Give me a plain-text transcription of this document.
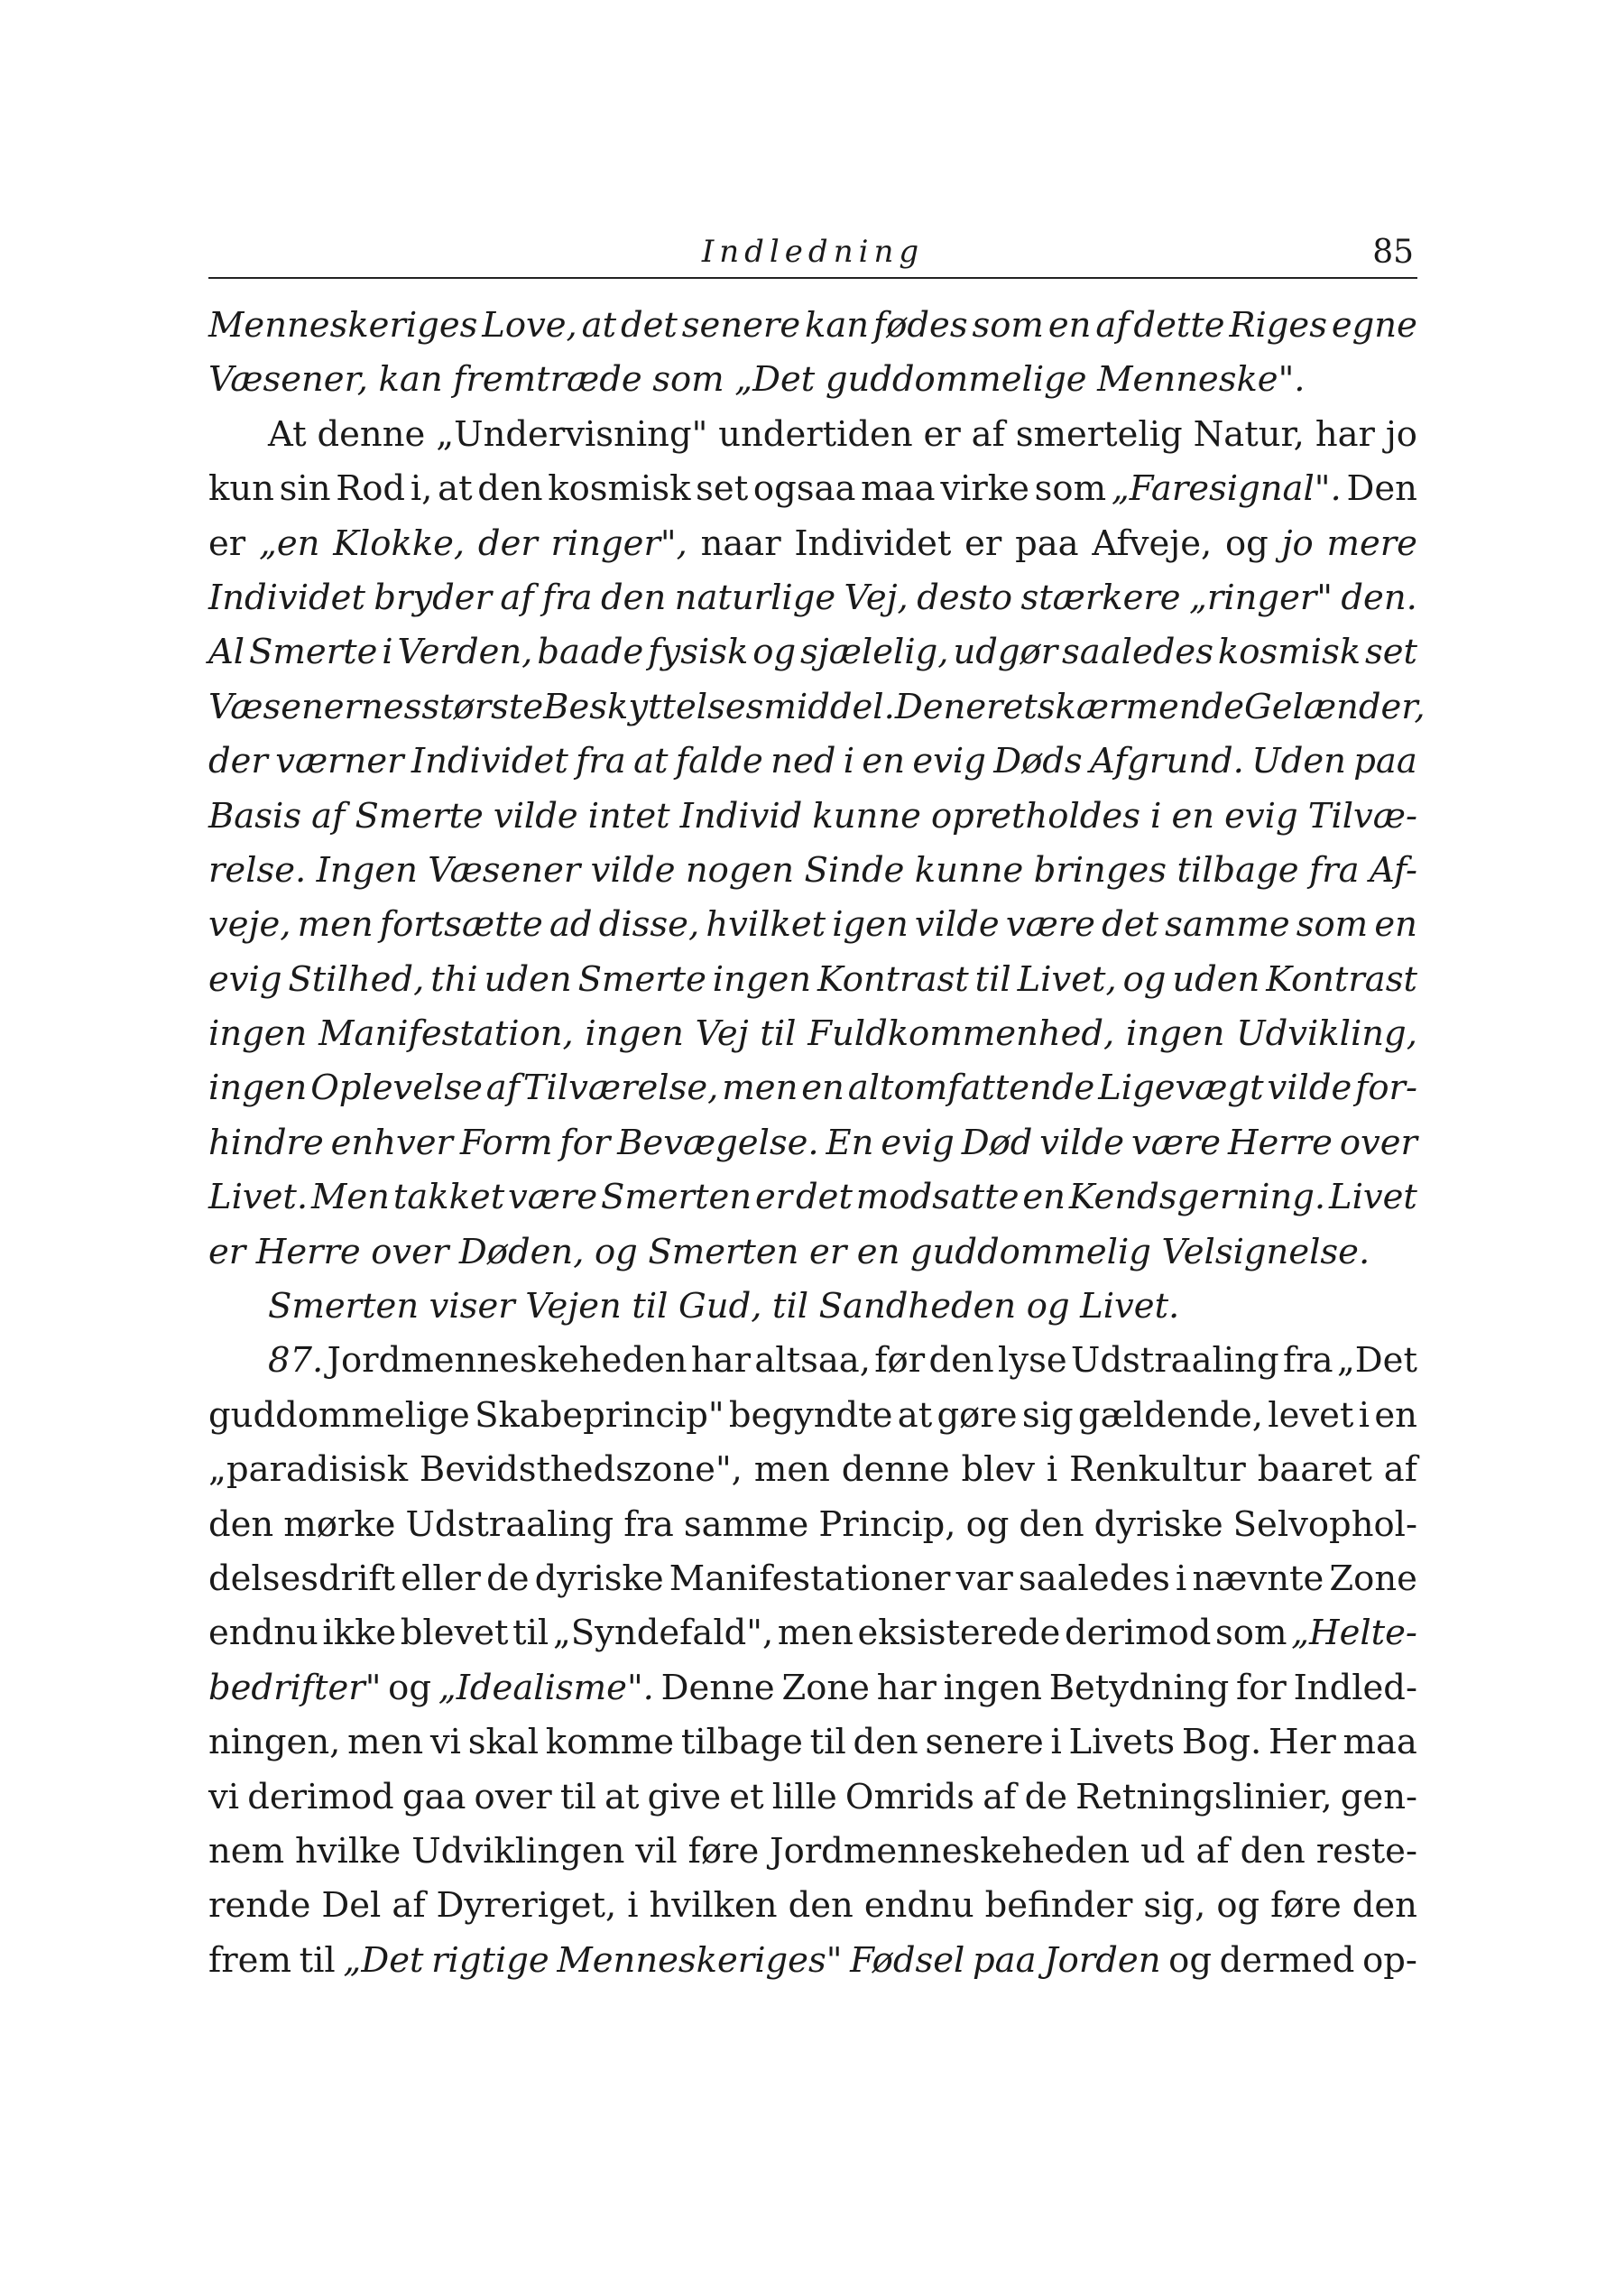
Indledning	85
Menneskeriges Love, at det senere kan fødes som en af dette Riges egne
Væsener, kan fremtræde som „Det guddommelige Menneske".
At denne „Undervisning" undertiden er af smertelig Natur, har jo
kun sin Rod i, at den kosmisk set ogsaa maa virke som „Faresignal". Den
er „en Klokke, der ringer", naar Individet er paa Afveje, og jo mere
Individet bryder af fra den naturlige Vej, desto stærkere „ringer" den.
Al Smerte i Verden, baade fysisk og sjælelig, udgør saaledes kosmisk set
Væsenernes største Beskyttelsesmiddel. Den er et skærmende Gelænder,
der værner Individet fra at falde ned i en evig Døds Afgrund. Uden paa
Basis af Smerte vilde intet Individ kunne opretholdes i en evig Tilvæ-
relse. Ingen Væsener vilde nogen Sinde kunne bringes tilbage fra Af-
veje, men fortsætte ad disse, hvilket igen vilde være det samme som en
evig Stilhed, thi uden Smerte ingen Kontrast til Livet, og uden Kontrast
ingen Manifestation, ingen Vej til Fuldkommenhed, ingen Udvikling,
ingen Oplevelse af Tilværelse, men en altomfattende Ligevægt vilde for-
hindre enhver Form for Bevægelse. En evig Død vilde være Herre over
Livet. Men takket være Smerten er det modsatte en Kendsgerning. Livet
er Herre over Døden, og Smerten er en guddommelig Velsignelse.
Smerten viser Vejen til Gud, til Sandheden og Livet.
87. Jordmenneskeheden har altsaa, før den lyse Udstraaling fra „Det
guddommelige Skabeprincip" begyndte at gøre sig gældende, levet i en
„paradisisk Bevidsthedszone", men denne blev i Renkultur baaret af
den mørke Udstraaling fra samme Princip, og den dyriske Selvophol-
delsesdrift eller de dyriske Manifestationer var saaledes i nævnte Zone
endnu ikke blevet til „Syndefald", men eksisterede derimod som „Helte-
bedrifter" og „Idealisme". Denne Zone har ingen Betydning for Indled-
ningen, men vi skal komme tilbage til den senere i Livets Bog. Her maa
vi derimod gaa over til at give et lille Omrids af de Retningslinier, gen-
nem hvilke Udviklingen vil føre Jordmenneskeheden ud af den reste-
rende Del af Dyreriget, i hvilken den endnu befinder sig, og føre den
frem til „Det rigtige Menneskeriges" Fødsel paa Jorden og dermed op-
